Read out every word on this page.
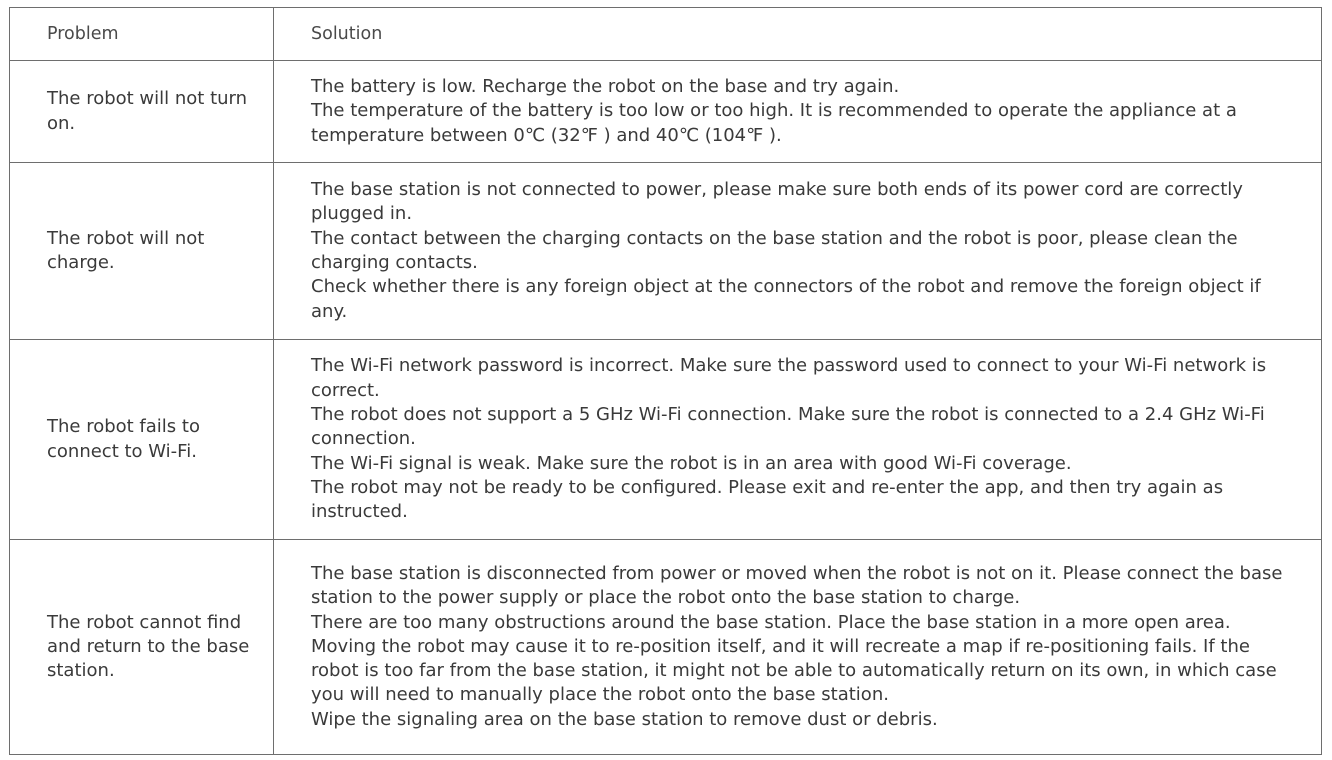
Problem	Solution
The robot will not turn on.
The battery is low. Recharge the robot on the base and try again.
The temperature of the battery is too low or too high. It is recommended to operate the appliance at a temperature between 0℃ (32℉ ) and 40℃ (104℉ ).
The robot will not charge.
The base station is not connected to power, please make sure both ends of its power cord are correctly plugged in.
The contact between the charging contacts on the base station and the robot is poor, please clean the charging contacts.
Check whether there is any foreign object at the connectors of the robot and remove the foreign object if any.
The robot fails to connect to Wi-Fi.
The Wi-Fi network password is incorrect. Make sure the password used to connect to your Wi-Fi network is correct.
The robot does not support a 5 GHz Wi-Fi connection. Make sure the robot is connected to a 2.4 GHz Wi-Fi connection.
The Wi-Fi signal is weak. Make sure the robot is in an area with good Wi-Fi coverage.
The robot may not be ready to be configured. Please exit and re-enter the app, and then try again as instructed.
The robot cannot find and return to the base station.
The base station is disconnected from power or moved when the robot is not on it. Please connect the base station to the power supply or place the robot onto the base station to charge.
There are too many obstructions around the base station. Place the base station in a more open area.
Moving the robot may cause it to re-position itself, and it will recreate a map if re-positioning fails. If the robot is too far from the base station, it might not be able to automatically return on its own, in which case you will need to manually place the robot onto the base station.
Wipe the signaling area on the base station to remove dust or debris.
